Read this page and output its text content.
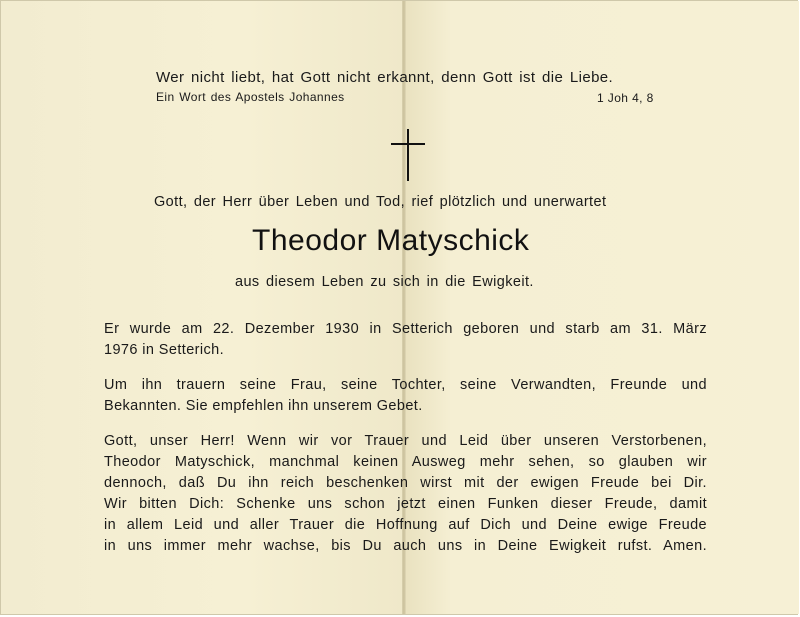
Wer nicht liebt, hat Gott nicht erkannt, denn Gott ist die Liebe.
Ein Wort des Apostels Johannes	1 Joh 4, 8
Gott, der Herr über Leben und Tod, rief plötzlich und unerwartet
Theodor Matyschick
aus diesem Leben zu sich in die Ewigkeit.
Er wurde am 22. Dezember 1930 in Setterich geboren und starb am 31. März
1976 in Setterich.
Um ihn trauern seine Frau, seine Tochter, seine Verwandten, Freunde und
Bekannten. Sie empfehlen ihn unserem Gebet.
Gott, unser Herr! Wenn wir vor Trauer und Leid über unseren Verstorbenen,
Theodor Matyschick, manchmal keinen Ausweg mehr sehen, so glauben wir
dennoch, daß Du ihn reich beschenken wirst mit der ewigen Freude bei Dir.
Wir bitten Dich: Schenke uns schon jetzt einen Funken dieser Freude, damit
in allem Leid und aller Trauer die Hoffnung auf Dich und Deine ewige Freude
in uns immer mehr wachse, bis Du auch uns in Deine Ewigkeit rufst. Amen.
